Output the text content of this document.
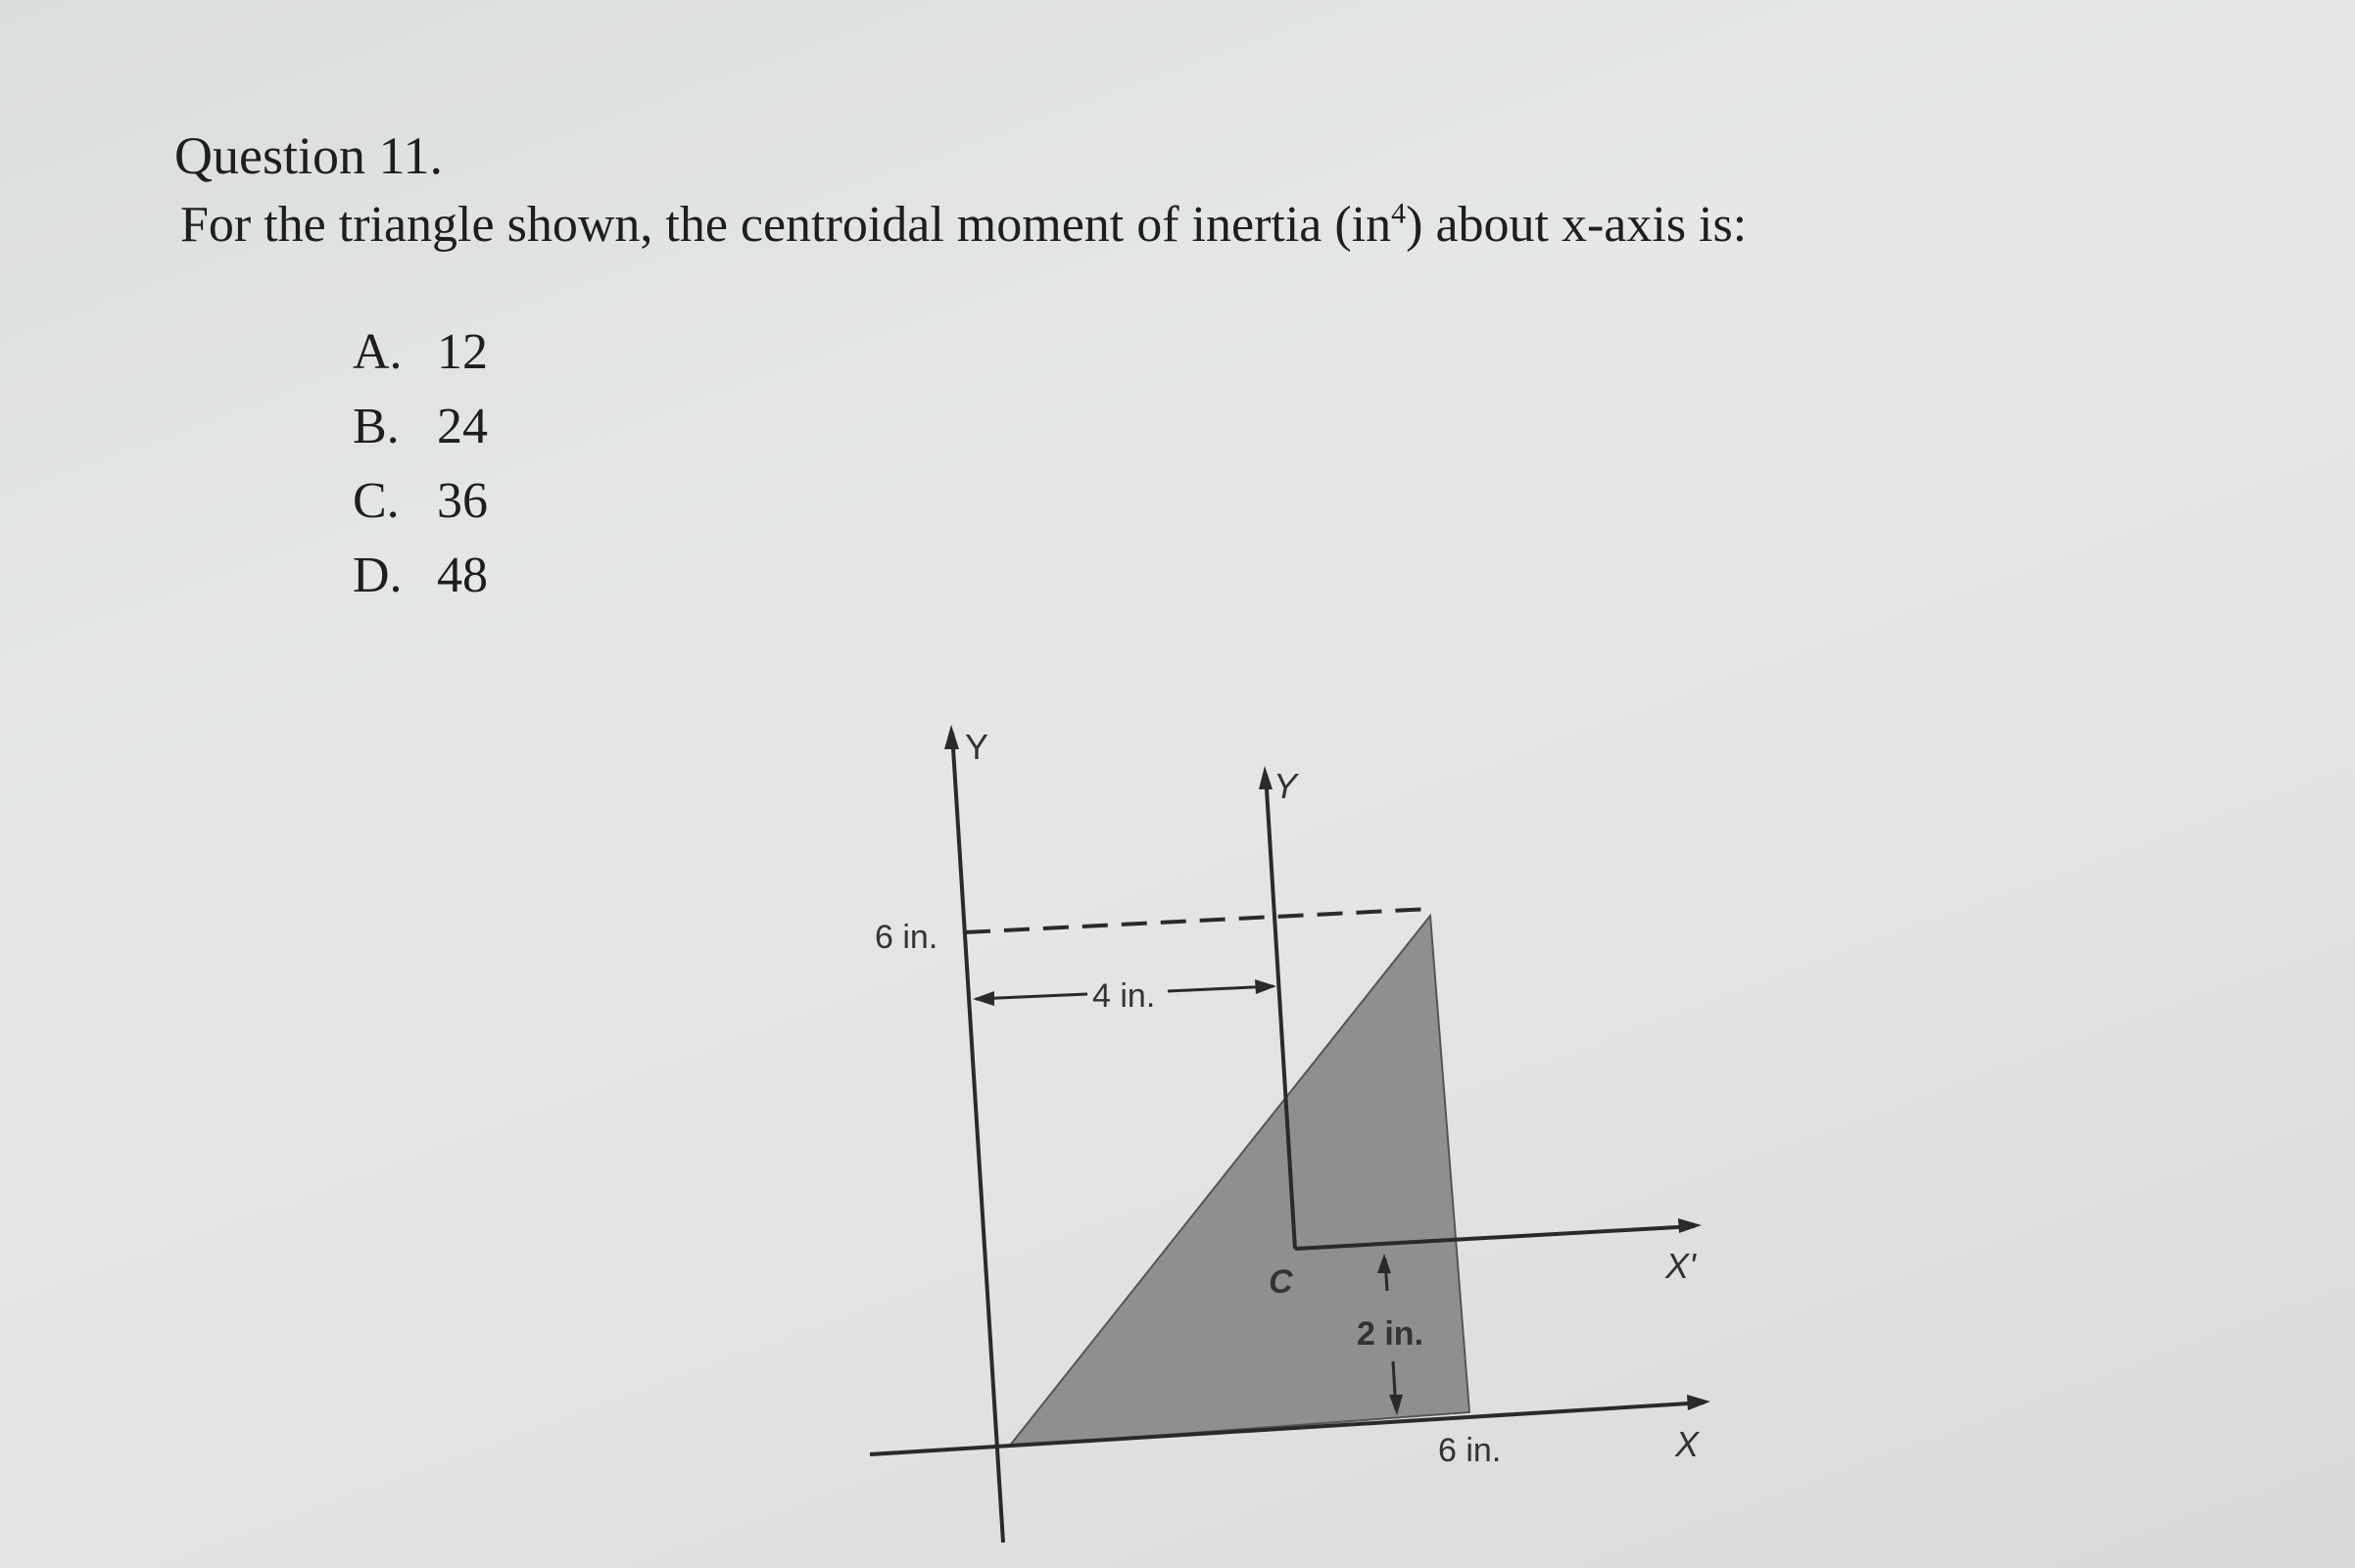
Question 11.
For the triangle shown, the centroidal moment of inertia $(in^4)$ about x-axis is:
A. 12
B. 24
C. 36
D. 48
Y
X
Y
X'
C
6 in.
4 in.
2 in.
6 in.
